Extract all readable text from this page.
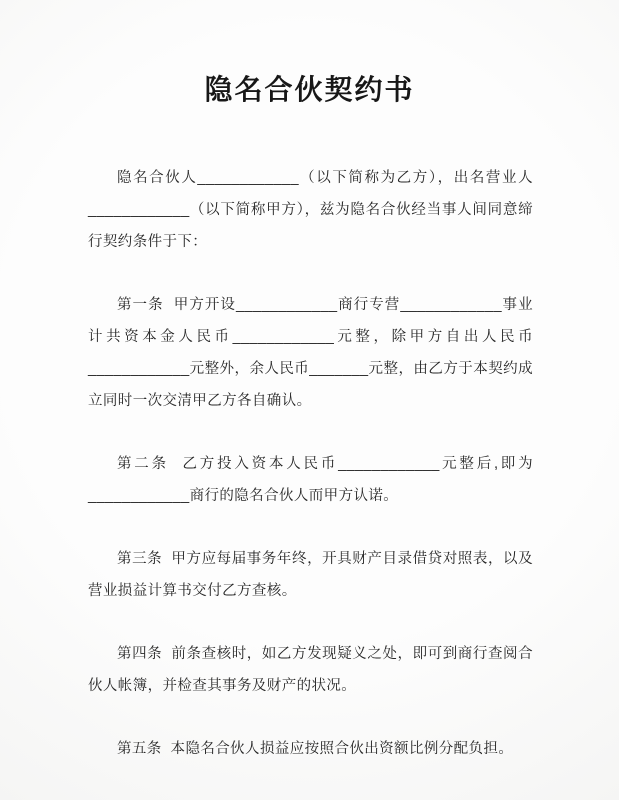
隐名合伙契约书

隐名合伙人____________（以下简称为乙方），出名营业人____________（以下简称甲方），兹为隐名合伙经当事人间同意缔行契约条件于下：

第一条  甲方开设____________商行专营____________事业计共资本金人民币____________元整，除甲方自出人民币____________元整外，余人民币_______元整，由乙方于本契约成立同时一次交清甲乙方各自确认。

第二条  乙方投入资本人民币____________元整后,即为 ____________商行的隐名合伙人而甲方认诺。

第三条  甲方应每届事务年终，开具财产目录借贷对照表，以及营业损益计算书交付乙方查核。

第四条  前条查核时，如乙方发现疑义之处，即可到商行查阅合伙人帐簿，并检查其事务及财产的状况。

第五条  本隐名合伙人损益应按照合伙出资额比例分配负担。
